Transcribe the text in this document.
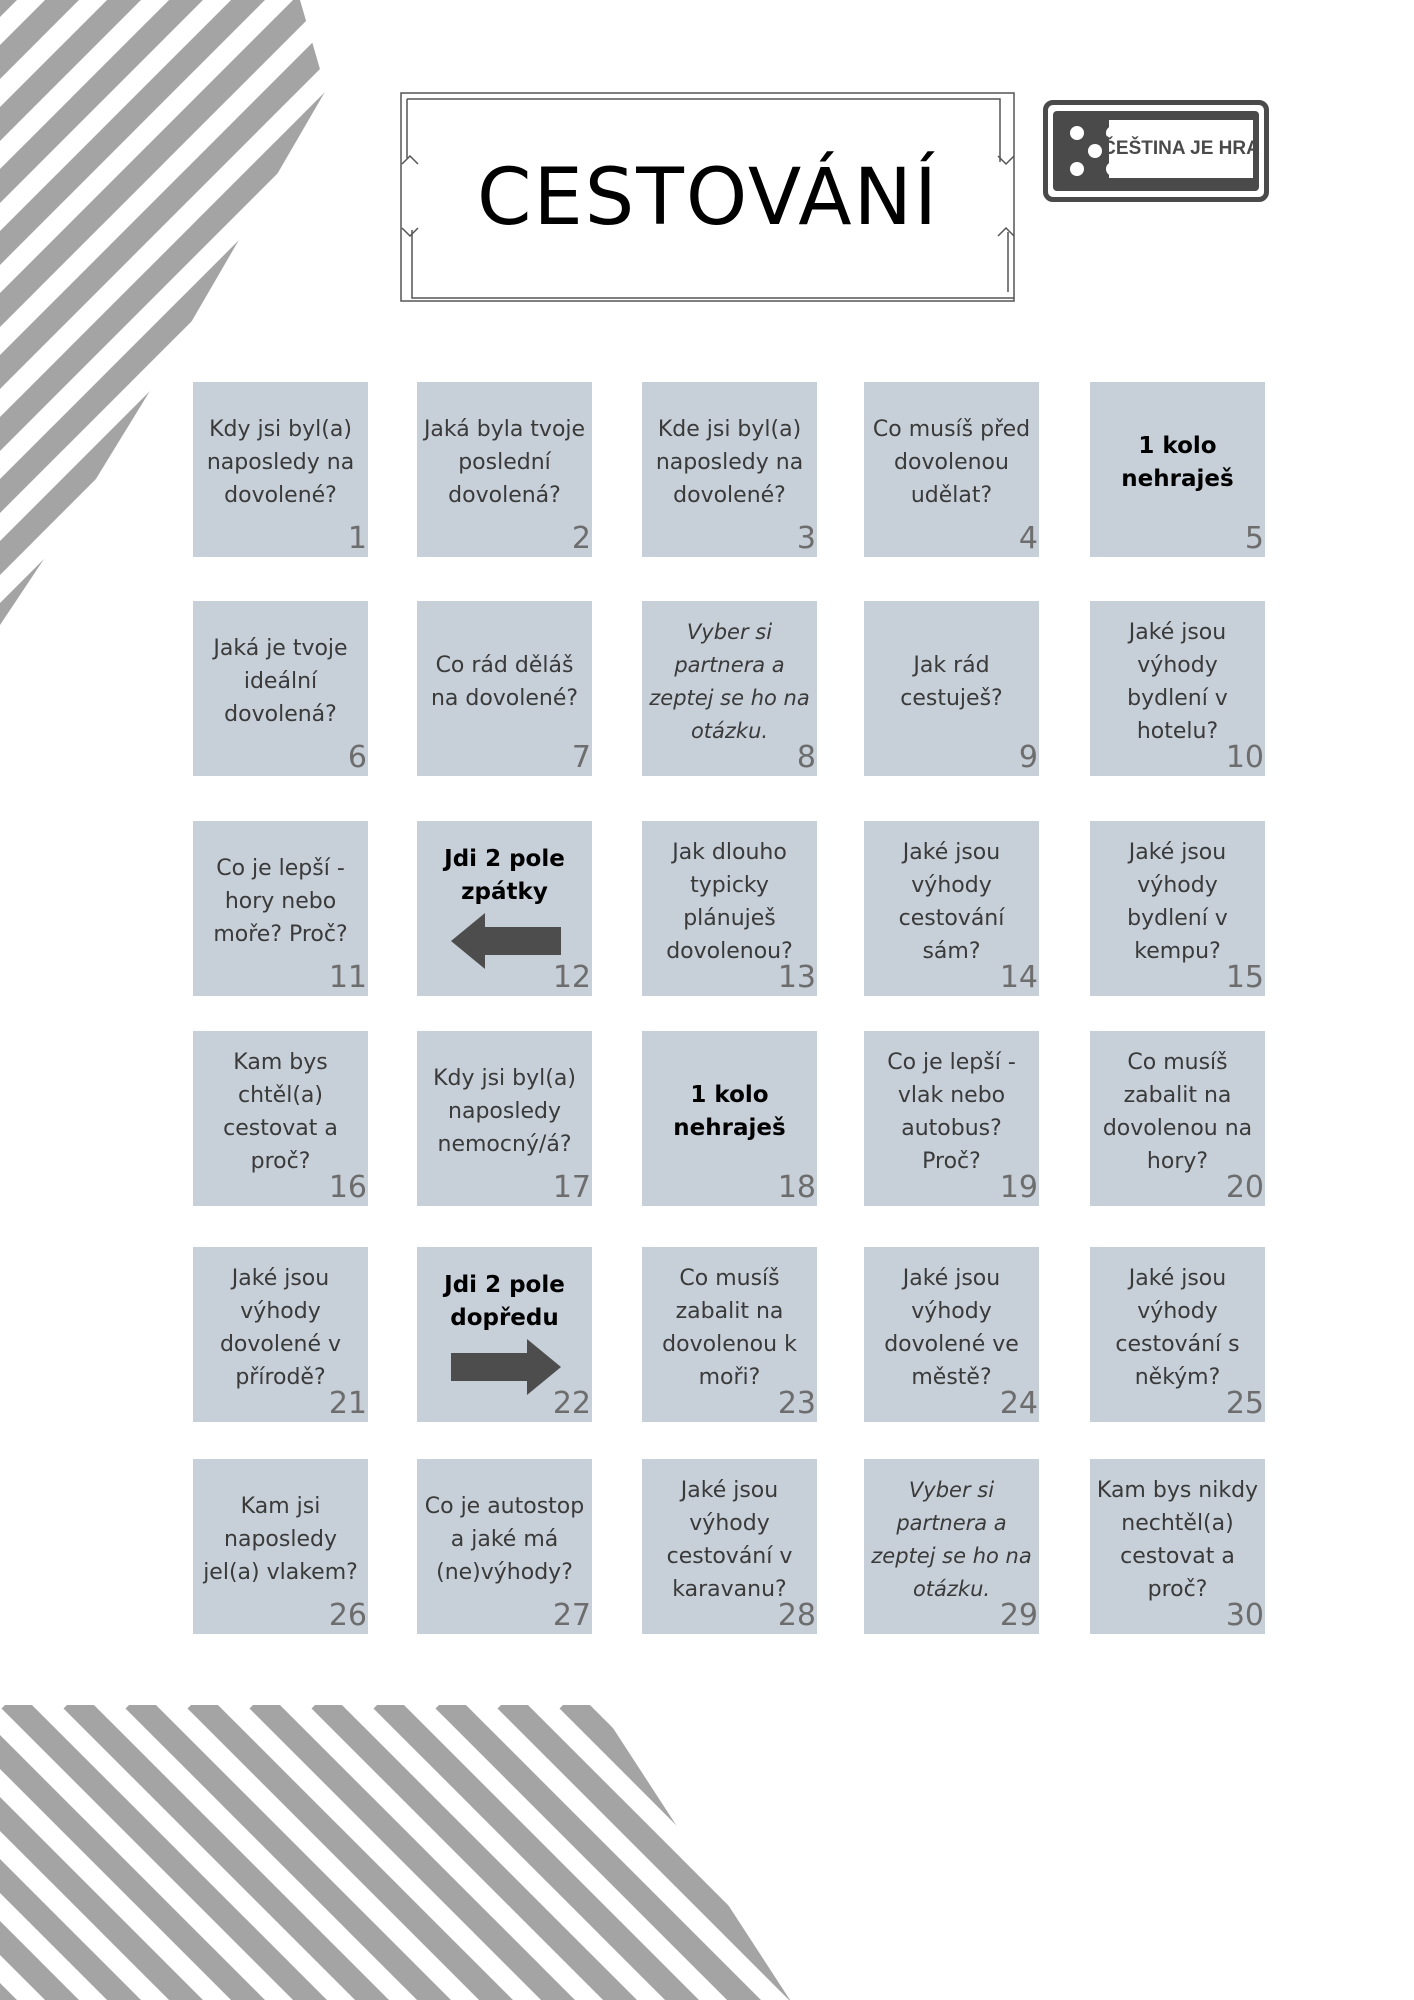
CESTOVÁNÍ
ČEŠTINA JE HRA
Kdy jsi byl(a) naposledy na dovolené?
1
Jaká byla tvoje poslední dovolená?
2
Kde jsi byl(a) naposledy na dovolené?
3
Co musíš před dovolenou udělat?
4
1 kolo nehraješ
5
Jaká je tvoje ideální dovolená?
6
Co rád děláš na dovolené?
7
Vyber si partnera a zeptej se ho na otázku.
8
Jak rád cestuješ?
9
Jaké jsou výhody bydlení v hotelu?
10
Co je lepší - hory nebo moře? Proč?
11
Jdi 2 pole zpátky
12
Jak dlouho typicky plánuješ dovolenou?
13
Jaké jsou výhody cestování sám?
14
Jaké jsou výhody bydlení v kempu?
15
Kam bys chtěl(a) cestovat a proč?
16
Kdy jsi byl(a) naposledy nemocný/á?
17
1 kolo nehraješ
18
Co je lepší - vlak nebo autobus? Proč?
19
Co musíš zabalit na dovolenou na hory?
20
Jaké jsou výhody dovolené v přírodě?
21
Jdi 2 pole dopředu
22
Co musíš zabalit na dovolenou k moři?
23
Jaké jsou výhody dovolené ve městě?
24
Jaké jsou výhody cestování s někým?
25
Kam jsi naposledy jel(a) vlakem?
26
Co je autostop a jaké má (ne)výhody?
27
Jaké jsou výhody cestování v karavanu?
28
Vyber si partnera a zeptej se ho na otázku.
29
Kam bys nikdy nechtěl(a) cestovat a proč?
30
